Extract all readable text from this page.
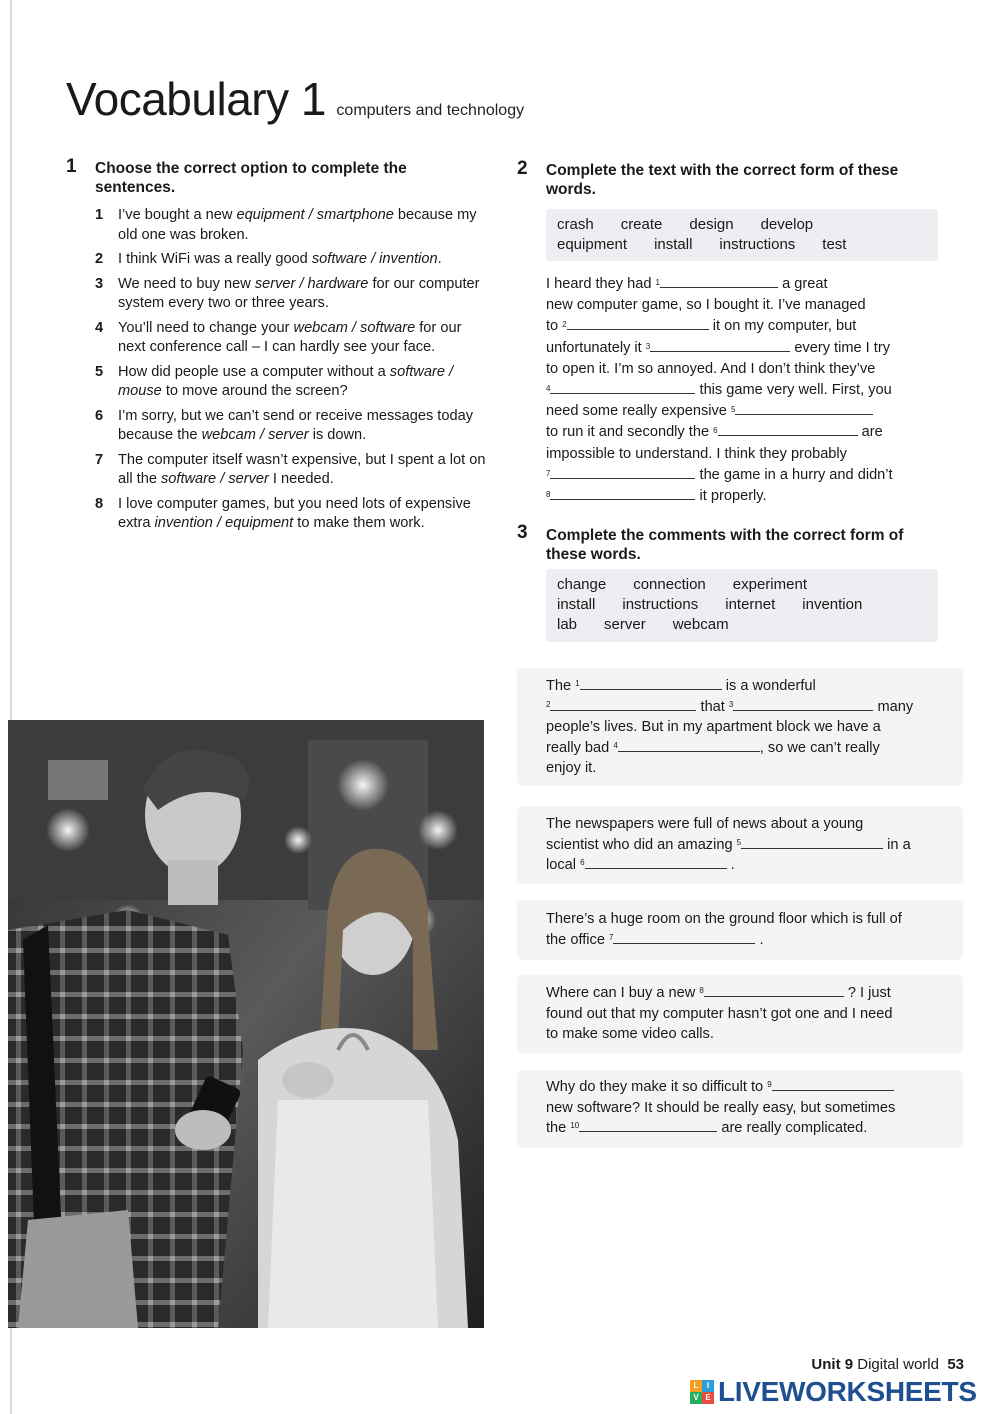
Vocabulary 1 computers and technology
1 Choose the correct option to complete the
sentences.
1	I’ve bought a new equipment / smartphone because my old one was broken.
2	I think WiFi was a really good software / invention.
3	We need to buy new server / hardware for our computer system every two or three years.
4	You’ll need to change your webcam / software for our next conference call – I can hardly see your face.
5	How did people use a computer without a software / mouse to move around the screen?
6	I’m sorry, but we can’t send or receive messages today because the webcam / server is down.
7	The computer itself wasn’t expensive, but I spent a lot on all the software / server I needed.
8	I love computer games, but you need lots of expensive extra invention / equipment to make them work.
2 Complete the text with the correct form of these
words.
crash create design develop
equipment install instructions test
I heard they had $^1$	a great
new computer game, so I bought it. I’ve managed
to $^2$	it on my computer, but
unfortunately it $^3$	every time I try
to open it. I’m so annoyed. And I don’t think they’ve
$^4$	this game very well. First, you
need some really expensive $^5$
to run it and secondly the $^6$	are
impossible to understand. I think they probably
$^7$	the game in a hurry and didn’t
$^8$	it properly.
3 Complete the comments with the correct form of
these words.
change connection experiment
install instructions internet invention
lab server webcam

The $^1$	is a wonderful

$^2$	that $^3$	many

people’s lives. But in my apartment block we have a

really bad $^4$	, so we can’t really

enjoy it.

The newspapers were full of news about a young

scientist who did an amazing $^5$	in a

local $^6$	.

There’s a huge room on the ground floor which is full of

the office $^7$	.

Where can I buy a new $^8$	? I just

found out that my computer hasn’t got one and I need

to make some video calls.

Why do they make it so difficult to $^9$

new software? It should be really easy, but sometimes

the $^{10}$	are really complicated.

Unit 9 Digital world 53
L	I
V E LIVEWORKSHEETS
